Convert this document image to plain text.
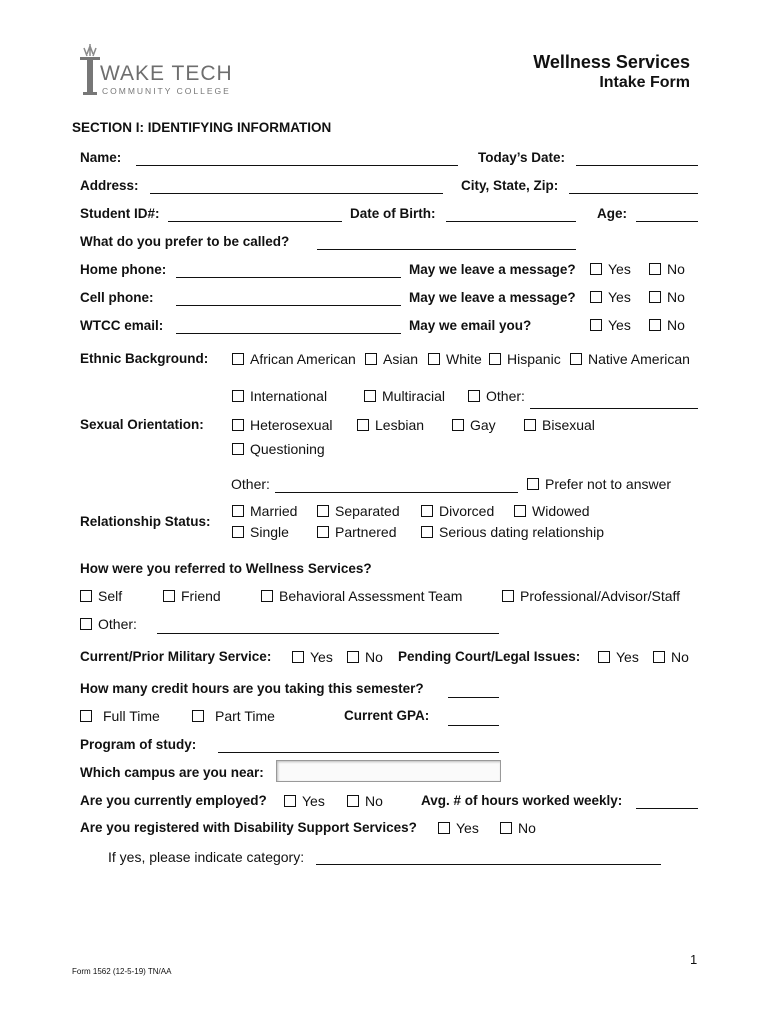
WAKE TECH
COMMUNITY COLLEGE
Wellness Services
Intake Form
SECTION I: IDENTIFYING INFORMATION
Name:	Today’s Date:
Address:	City, State, Zip:
Student ID#:	Date of Birth:	Age:
What do you prefer to be called?
Home phone:	May we leave a message? Yes	No
Cell phone:	May we leave a message? Yes	No
WTCC email:	May we email you?	Yes	No
Ethnic Background:	African American Asian White Hispanic Native American
International	Multiracial	Other:
Sexual Orientation:	Heterosexual	Lesbian	Gay	Bisexual
Questioning
Other:	Prefer not to answer
Relationship Status:
Married	Separated	Divorced	Widowed
Single	Partnered	Serious dating relationship
How were you referred to Wellness Services?
Self	Friend	Behavioral Assessment Team	Professional/Advisor/Staff
Other:
Current/Prior Military Service:	Yes No Pending Court/Legal Issues:	Yes No
How many credit hours are you taking this semester?
Full Time	Part Time	Current GPA:
Program of study:
Which campus are you near:
Are you currently employed?	Yes	No	Avg. # of hours worked weekly:
Are you registered with Disability Support Services?	Yes	No
If yes, please indicate category:
1
Form 1562 (12-5-19) TN/AA
